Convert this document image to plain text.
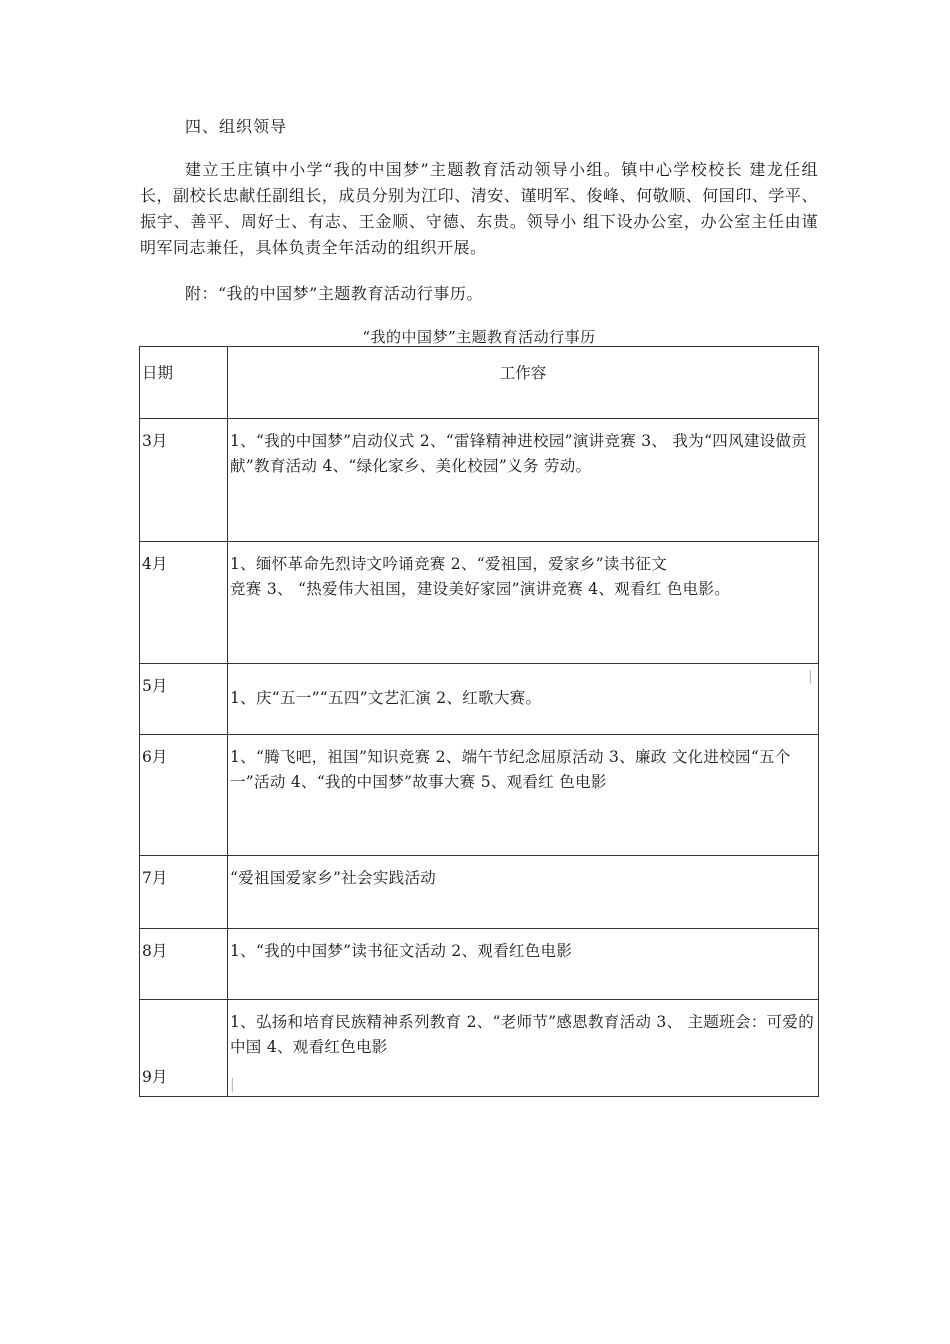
四、组织领导
建立王庄镇中小学“我的中国梦”主题教育活动领导小组。镇中心学校校长 建龙任组长，副校长忠献任副组长，成员分别为江印、清安、谨明军、俊峰、何敬顺、何国印、学平、振宇、善平、周好士、有志、王金顺、守德、东贵。领导小 组下设办公室，办公室主任由谨明军同志兼任，具体负责全年活动的组织开展。
附：“我的中国梦”主题教育活动行事历。
“我的中国梦”主题教育活动行事历
日期	工作容
3月	1、“我的中国梦”启动仪式 2、“雷锋精神进校园”演讲竞赛 3、 我为“四风建设做贡献”教育活动 4、“绿化家乡、美化校园”义务 劳动。
4月	1、缅怀革命先烈诗文吟诵竞赛 2、“爱祖国，爱家乡”读书征文
竞赛 3、 “热爱伟大祖国，建设美好家园”演讲竞赛 4、观看红 色电影。

5月	1、庆“五一”“五四”文艺汇演 2、红歌大赛。
6月	1、“腾飞吧，祖国”知识竞赛 2、端午节纪念屈原活动 3、廉政 文化进校园“五个一”活动 4、“我的中国梦”故事大赛 5、观看红 色电影
7月	“爱祖国爱家乡”社会实践活动
8月	1、“我的中国梦”读书征文活动 2、观看红色电影
9月	1、弘扬和培育民族精神系列教育 2、“老师节”感恩教育活动 3、 主题班会：可爱的中国 4、观看红色电影
|
|
